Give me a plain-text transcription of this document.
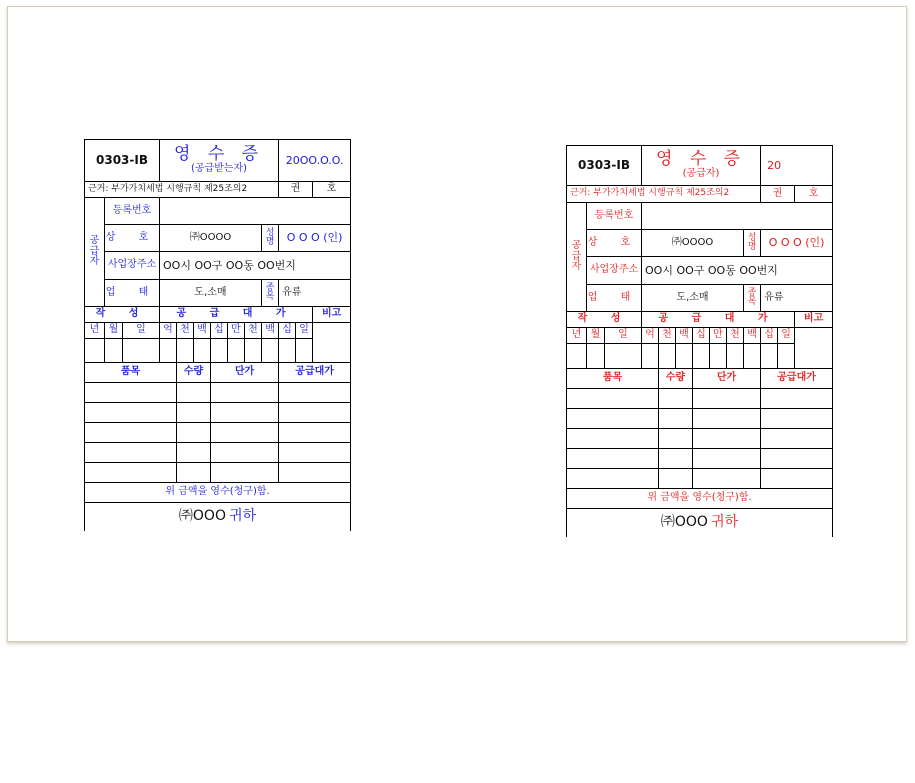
0303-IB			영 수 증
(공급받는자)							20OO.O.O.		
근거: 부가가치세법 시행규칙 제25조의2										권		호
공급자	등록번호											
	상 호		㈜OOOO						성명	O O O (인)		
	사업장주소		OO시 OO구 OO동 OO번지									
	업 태		도,소매						종목	유류		
작 성			공 급 대 가									비고
년	월	일	억	천	백	십	만	천	백	십	일	

품목				수량		단가				공급대가		

위 금액을 영수(청구)함.												
㈜OOO 귀하												
0303-IB			영 수 증
(공급자)							20		
근거: 부가가치세법 시행규칙 제25조의2										권		호
공급자	등록번호											
	상 호		㈜OOOO						성명	O O O (인)		
	사업장주소		OO시 OO구 OO동 OO번지									
	업 태		도,소매						종목	유류		
작 성			공 급 대 가									비고
년	월	일	억	천	백	십	만	천	백	십	일	

품목				수량		단가				공급대가		

위 금액을 영수(청구)함.												
㈜OOO 귀하												
